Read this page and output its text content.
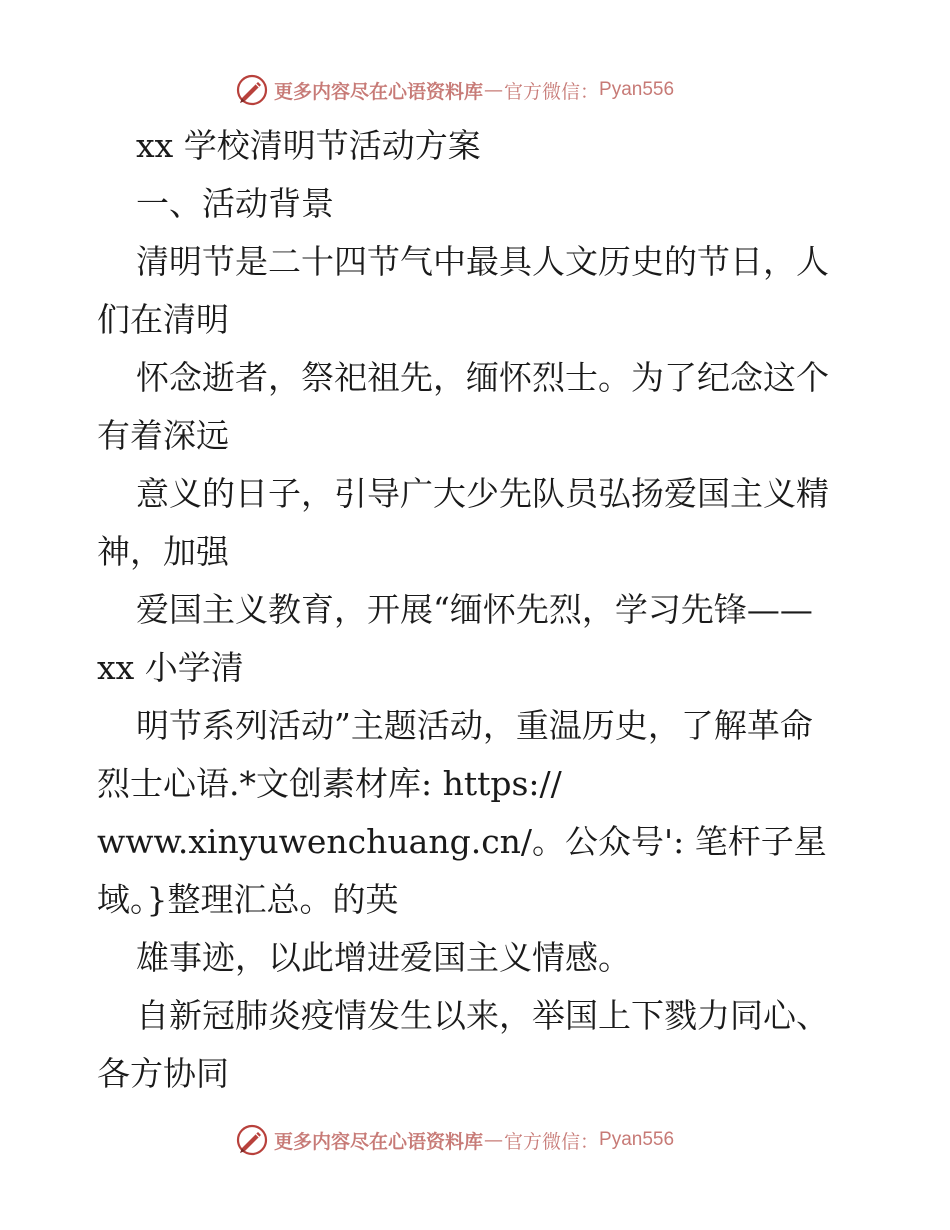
更多内容尽在心语资料库 — 官方微信： Pyan556
xx 学校清明节活动方案
一、活动背景
清明节是二十四节气中最具人文历史的节日，人
们在清明
怀念逝者，祭祀祖先，缅怀烈士。为了纪念这个
有着深远
意义的日子，引导广大少先队员弘扬爱国主义精
神，加强
爱国主义教育，开展“缅怀先烈，学习先锋——
xx 小学清
明节系列活动”主题活动，重温历史，了解革命
烈士心语.*文创素材库: https://
www.xinyuwenchuang.cn/。公众号': 笔杆子星
域。}整理汇总。的英
雄事迹，以此增进爱国主义情感。
自新冠肺炎疫情发生以来，举国上下戮力同心、
各方协同
更多内容尽在心语资料库 — 官方微信： Pyan556
